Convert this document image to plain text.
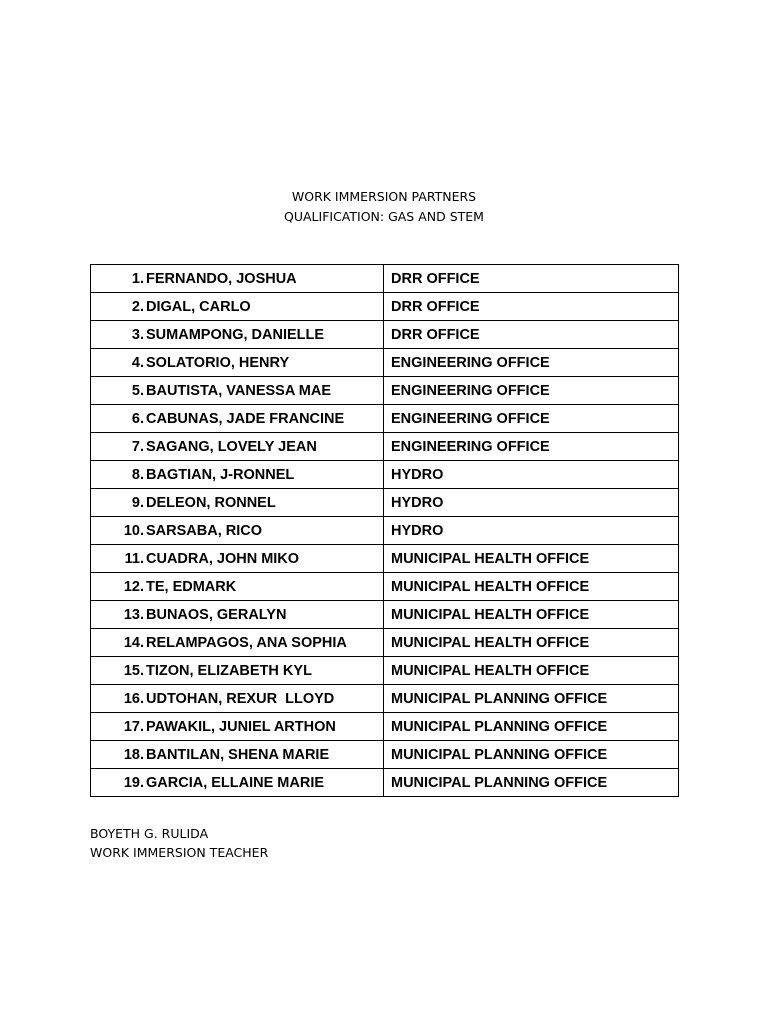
WORK IMMERSION PARTNERS
QUALIFICATION: GAS AND STEM
1. FERNANDO, JOSHUA	DRR OFFICE
2. DIGAL, CARLO	DRR OFFICE
3. SUMAMPONG, DANIELLE	DRR OFFICE
4. SOLATORIO, HENRY	ENGINEERING OFFICE
5. BAUTISTA, VANESSA MAE	ENGINEERING OFFICE
6. CABUNAS, JADE FRANCINE	ENGINEERING OFFICE
7. SAGANG, LOVELY JEAN	ENGINEERING OFFICE
8. BAGTIAN, J-RONNEL	HYDRO
9. DELEON, RONNEL	HYDRO
10. SARSABA, RICO	HYDRO
11. CUADRA, JOHN MIKO	MUNICIPAL HEALTH OFFICE
12. TE, EDMARK	MUNICIPAL HEALTH OFFICE
13. BUNAOS, GERALYN	MUNICIPAL HEALTH OFFICE
14. RELAMPAGOS, ANA SOPHIA	MUNICIPAL HEALTH OFFICE
15. TIZON, ELIZABETH KYL	MUNICIPAL HEALTH OFFICE
16. UDTOHAN, REXUR  LLOYD	MUNICIPAL PLANNING OFFICE
17. PAWAKIL, JUNIEL ARTHON	MUNICIPAL PLANNING OFFICE
18. BANTILAN, SHENA MARIE	MUNICIPAL PLANNING OFFICE
19. GARCIA, ELLAINE MARIE	MUNICIPAL PLANNING OFFICE
BOYETH G. RULIDA
WORK IMMERSION TEACHER
